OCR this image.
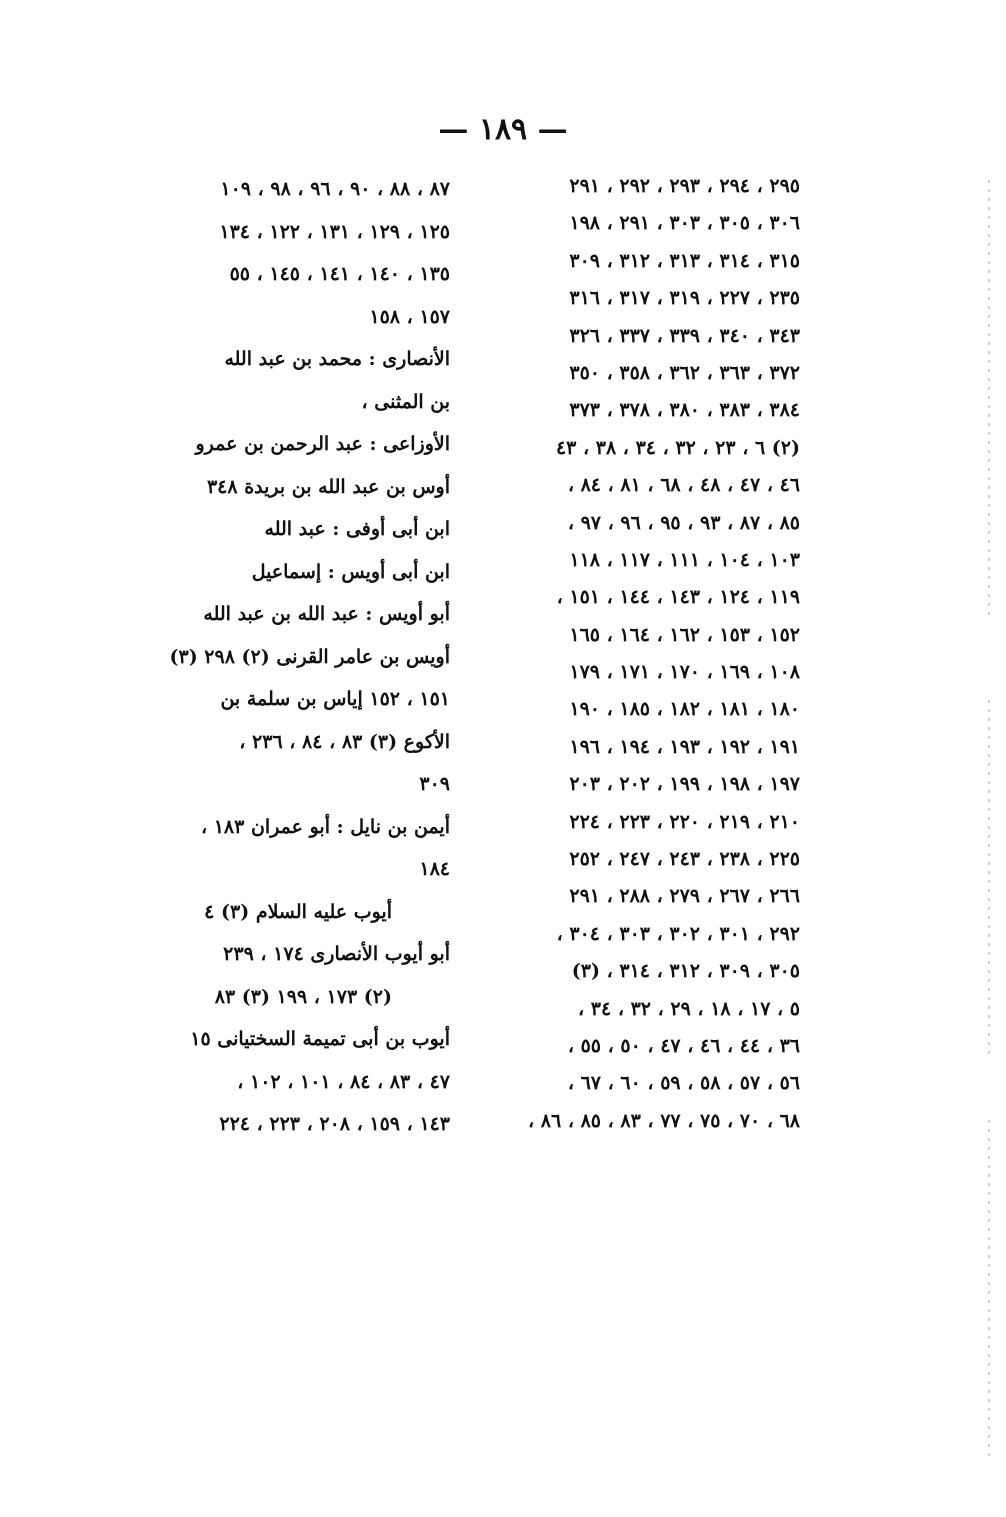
— ١٨٩ —
٢٩٥ ، ٢٩٤ ، ٢٩٣ ، ٢٩٢ ، ٢٩١
٣٠٦ ، ٣٠٥ ، ٣٠٣ ، ٢٩١ ، ١٩٨
٣١٥ ، ٣١٤ ، ٣١٣ ، ٣١٢ ، ٣٠٩
٢٣٥ ، ٢٢٧ ، ٣١٩ ، ٣١٧ ، ٣١٦
٣٤٣ ، ٣٤٠ ، ٣٣٩ ، ٣٣٧ ، ٣٢٦
٣٧٢ ، ٣٦٣ ، ٣٦٢ ، ٣٥٨ ، ٣٥٠
٣٨٤ ، ٣٨٣ ، ٣٨٠ ، ٣٧٨ ، ٣٧٣
(٢) ٦ ، ٢٣ ، ٣٢ ، ٣٤ ، ٣٨ ، ٤٣
٤٦ ، ٤٧ ، ٤٨ ، ٦٨ ، ٨١ ، ٨٤ ،
٨٥ ، ٨٧ ، ٩٣ ، ٩٥ ، ٩٦ ، ٩٧ ،
١٠٣ ، ١٠٤ ، ١١١ ، ١١٧ ، ١١٨
١١٩ ، ١٢٤ ، ١٤٣ ، ١٤٤ ، ١٥١ ،
١٥٢ ، ١٥٣ ، ١٦٢ ، ١٦٤ ، ١٦٥
١٠٨ ، ١٦٩ ، ١٧٠ ، ١٧١ ، ١٧٩
١٨٠ ، ١٨١ ، ١٨٢ ، ١٨٥ ، ١٩٠
١٩١ ، ١٩٢ ، ١٩٣ ، ١٩٤ ، ١٩٦
١٩٧ ، ١٩٨ ، ١٩٩ ، ٢٠٢ ، ٢٠٣
٢١٠ ، ٢١٩ ، ٢٢٠ ، ٢٢٣ ، ٢٢٤
٢٢٥ ، ٢٣٨ ، ٢٤٣ ، ٢٤٧ ، ٢٥٢
٢٦٦ ، ٢٦٧ ، ٢٧٩ ، ٢٨٨ ، ٢٩١
٢٩٢ ، ٣٠١ ، ٣٠٢ ، ٣٠٣ ، ٣٠٤ ،
٣٠٥ ، ٣٠٩ ، ٣١٢ ، ٣١٤ ، (٣)
٥ ، ١٧ ، ١٨ ، ٢٩ ، ٣٢ ، ٣٤ ،
٣٦ ، ٤٤ ، ٤٦ ، ٤٧ ، ٥٠ ، ٥٥ ،
٥٦ ، ٥٧ ، ٥٨ ، ٥٩ ، ٦٠ ، ٦٧ ،
٦٨ ، ٧٠ ، ٧٥ ، ٧٧ ، ٨٣ ، ٨٥ ، ٨٦ ،
٨٧ ، ٨٨ ، ٩٠ ، ٩٦ ، ٩٨ ، ١٠٩
١٢٥ ، ١٢٩ ، ١٣١ ، ١٢٢ ، ١٣٤
١٣٥ ، ١٤٠ ، ١٤١ ، ١٤٥ ، ٥٥
١٥٧ ، ١٥٨
الأنصارى : محمد بن عبد الله
بن المثنى ،
الأوزاعى : عبد الرحمن بن عمرو
أوس بن عبد الله بن بريدة ٣٤٨
ابن أبى أوفى : عبد الله
ابن أبى أويس : إسماعيل
أبو أويس : عبد الله بن عبد الله
أويس بن عامر القرنى (٢) ٢٩٨ (٣)
١٥١ ، ١٥٢ إياس بن سلمة بن
الأكوع (٣) ٨٣ ، ٨٤ ، ٢٣٦ ،
٣٠٩
أيمن بن نايل : أبو عمران ١٨٣ ،
١٨٤
أيوب عليه السلام (٣) ٤
أبو أيوب الأنصارى ١٧٤ ، ٢٣٩
(٢) ١٧٣ ، ١٩٩ (٣) ٨٣
أيوب بن أبى تميمة السختيانى ١٥
٤٧ ، ٨٣ ، ٨٤ ، ١٠١ ، ١٠٢ ،
١٤٣ ، ١٥٩ ، ٢٠٨ ، ٢٢٣ ، ٢٢٤
